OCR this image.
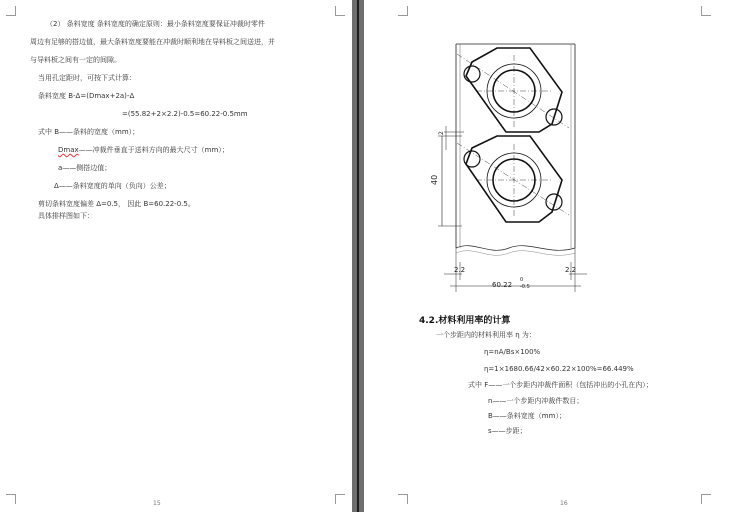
（2） 条料宽度 条料宽度的确定原则：最小条料宽度要保证冲裁时零件
周边有足够的搭边值，最大条料宽度要能在冲裁时顺利地在导料板之间送进，并
与导料板之间有一定的间隙。
当用孔定距时，可按下式计算：
条料宽度 B-Δ=(Dmax+2a)-Δ
=(55.82+2×2.2)-0.5=60.22-0.5mm
式中 B——条料的宽度（mm）；
Dmax——冲裁件垂直于送料方向的最大尺寸（mm）；
a——侧搭边值；
Δ——条料宽度的单向（负向）公差；
剪切条料宽度偏差 Δ=0.5， 因此 B=60.22-0.5。
具体排样图如下：
15
40
2
60.22
0
-0.5
2.2	2.2
4.2.材料利用率的计算
一个步距内的材料利用率 η 为：
η=nA/Bs×100%
η=1×1680.66/42×60.22×100%=66.449%
式中 F——一个步距内冲裁件面积（包括冲出的小孔在内）；
n——一个步距内冲裁件数目；
B——条料宽度（mm）；
s——步距；
16
